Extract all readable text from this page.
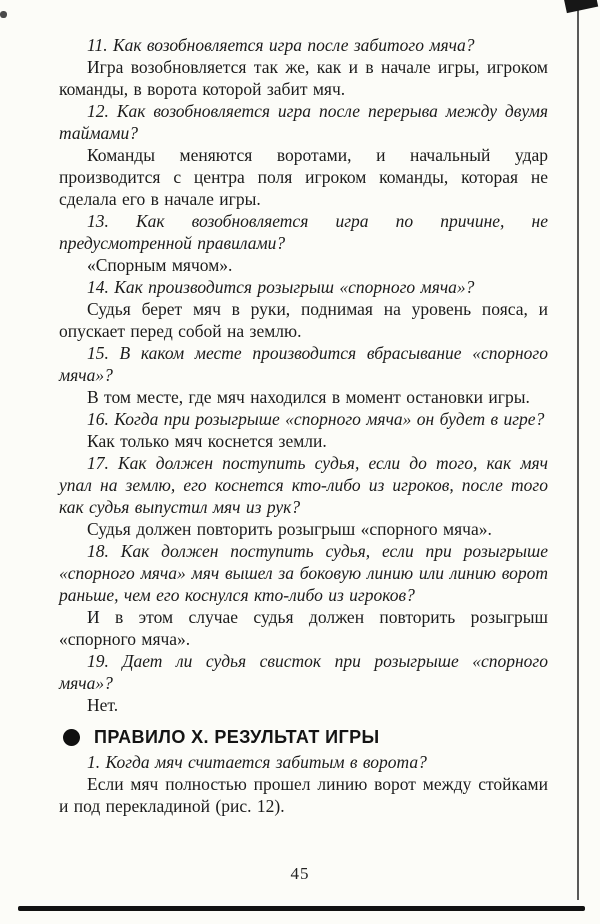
11. Как возобновляется игра после забитого мяча?

Игра возобновляется так же, как и в начале игры, игроком команды, в ворота которой забит мяч.

12. Как возобновляется игра после перерыва между двумя таймами?

Команды меняются воротами, и начальный удар производится с центра поля игроком команды, которая не сделала его в начале игры.

13. Как возобновляется игра по причине, не предусмотренной правилами?

«Спорным мячом».

14. Как производится розыгрыш «спорного мяча»?

Судья берет мяч в руки, поднимая на уровень пояса, и опускает перед собой на землю.

15. В каком месте производится вбрасывание «спорного мяча»?

В том месте, где мяч находился в момент остановки игры.

16. Когда при розыгрыше «спорного мяча» он будет в игре?

Как только мяч коснется земли.

17. Как должен поступить судья, если до того, как мяч упал на землю, его коснется кто-либо из игроков, после того как судья выпустил мяч из рук?

Судья должен повторить розыгрыш «спорного мяча».

18. Как должен поступить судья, если при розыгрыше «спорного мяча» мяч вышел за боковую линию или линию ворот раньше, чем его коснулся кто-либо из игроков?

И в этом случае судья должен повторить розыгрыш «спорного мяча».

19. Дает ли судья свисток при розыгрыше «спорного мяча»?

Нет.

ПРАВИЛО X. РЕЗУЛЬТАТ ИГРЫ

1. Когда мяч считается забитым в ворота?

Если мяч полностью прошел линию ворот между стойками и под перекладиной (рис. 12).

45
